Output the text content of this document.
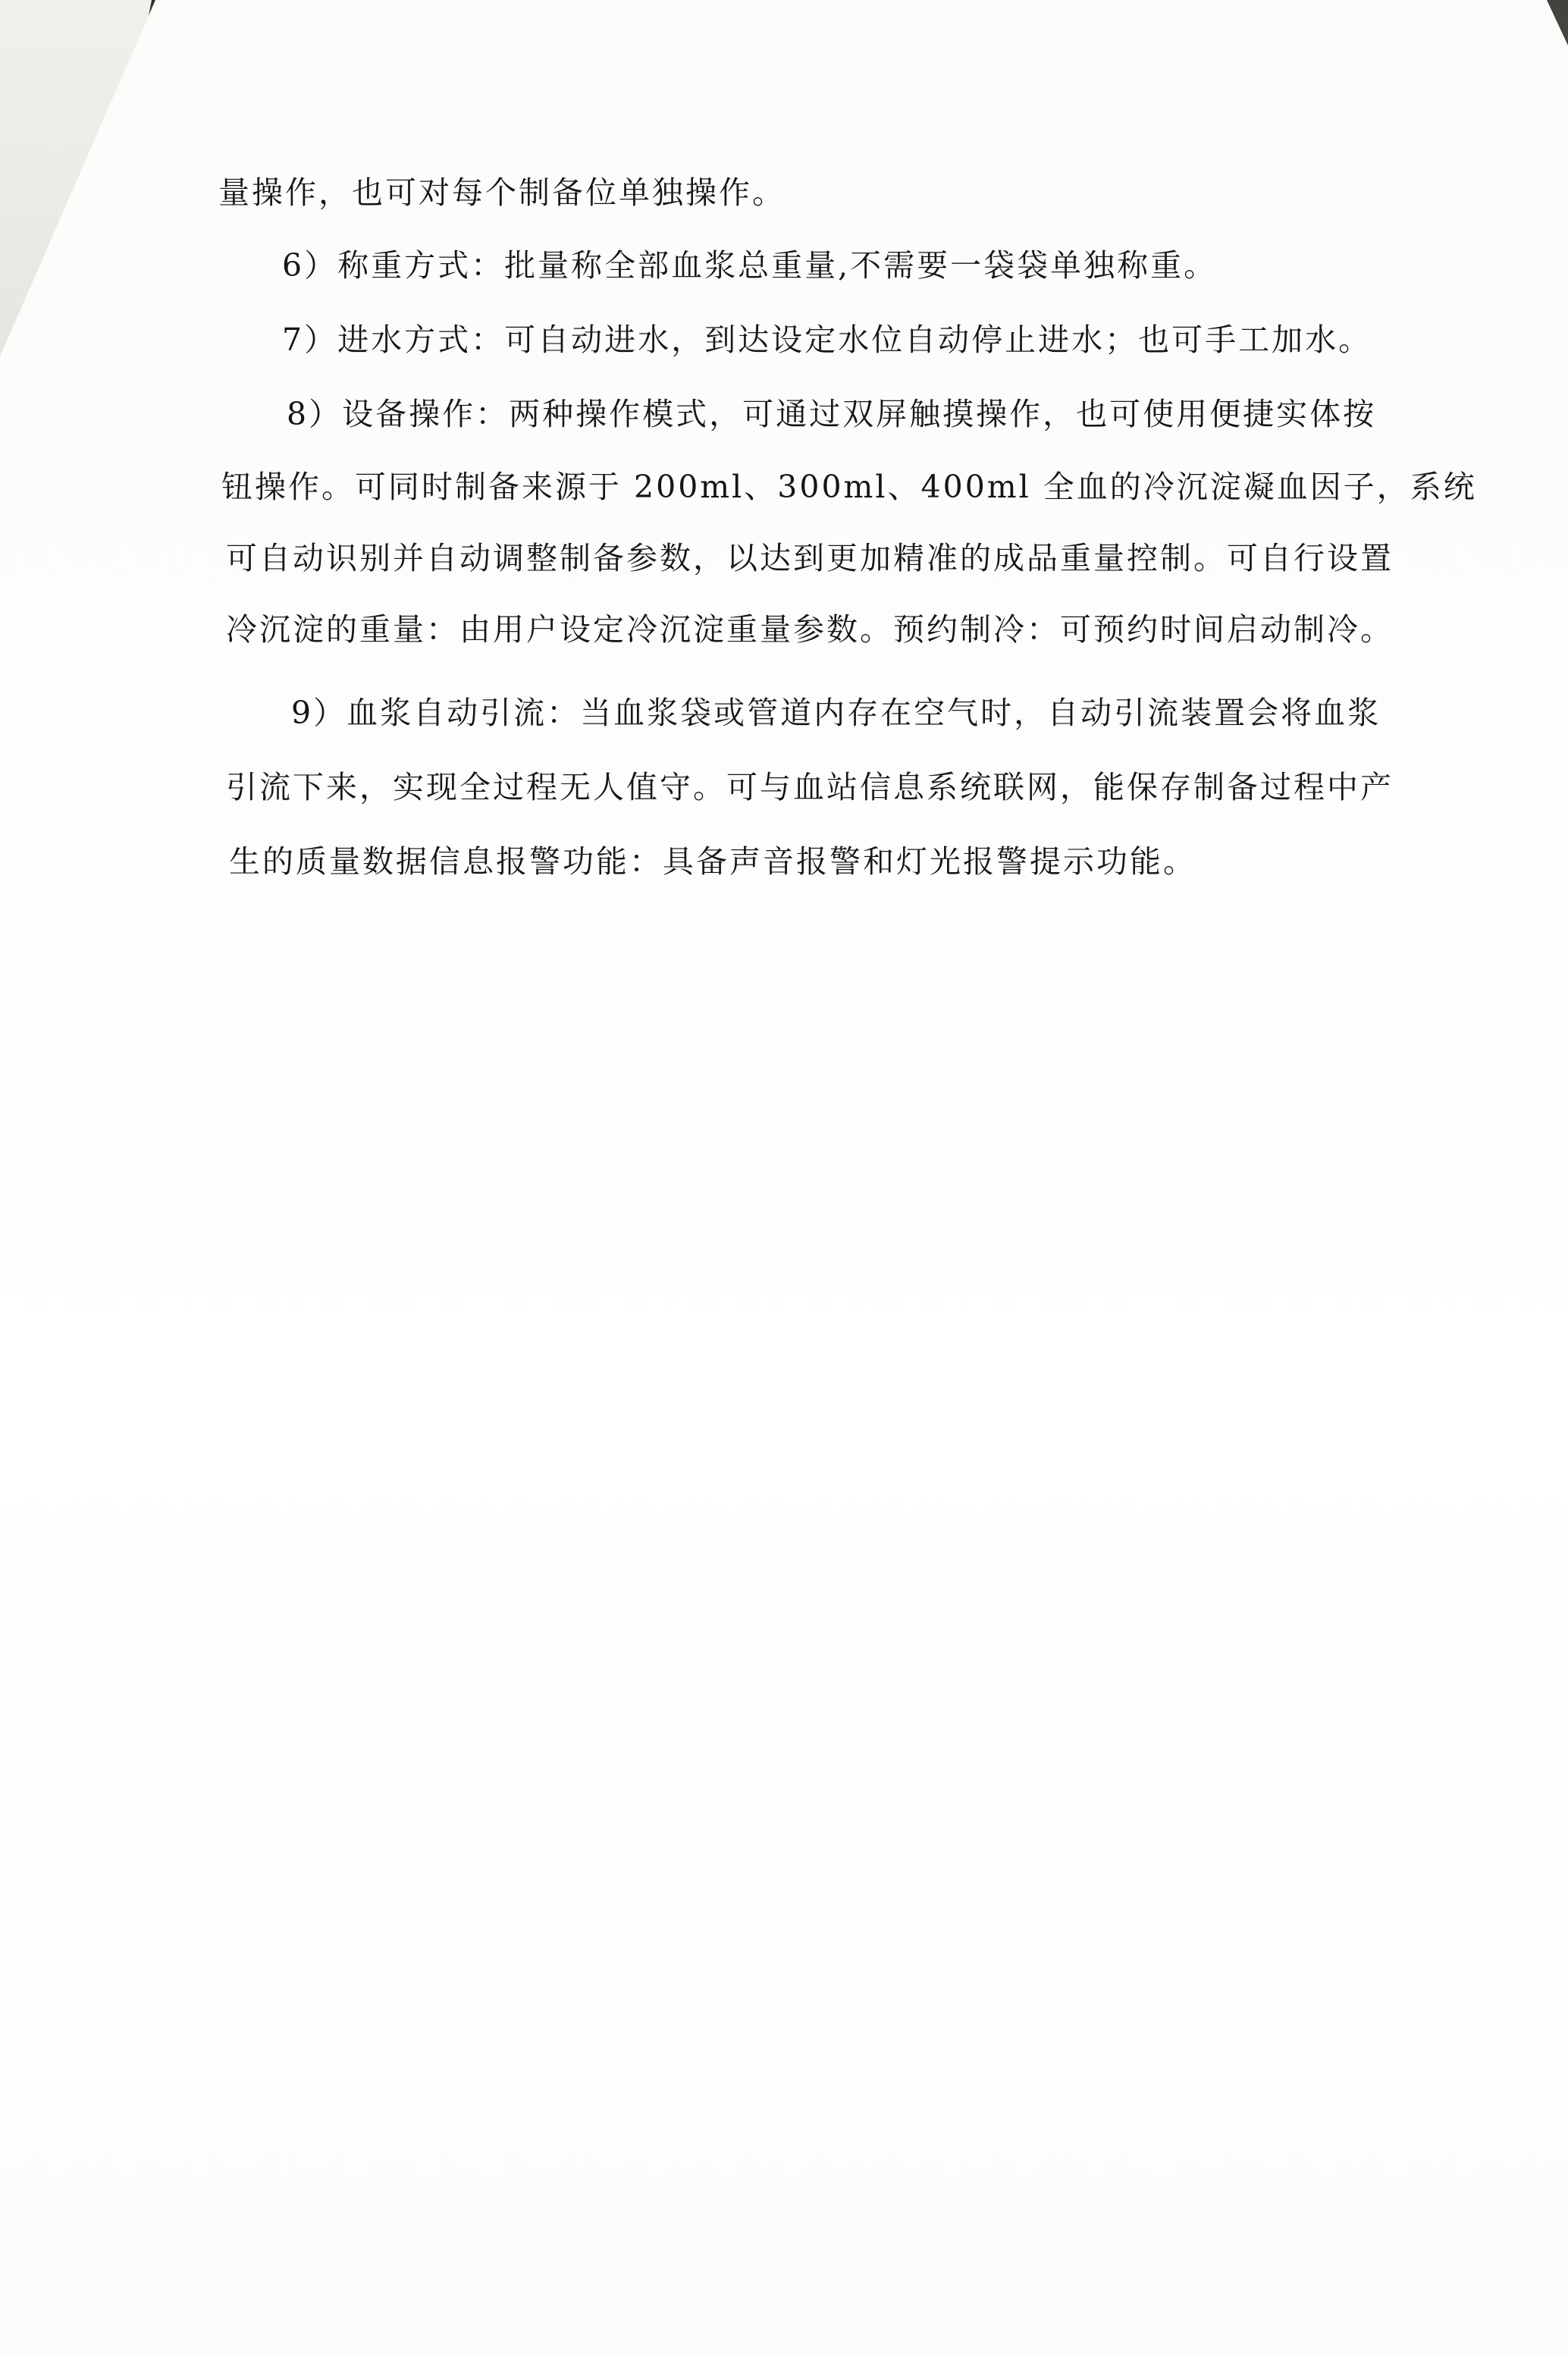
量操作，也可对每个制备位单独操作。
6）称重方式：批量称全部血浆总重量,不需要一袋袋单独称重。
7）进水方式：可自动进水，到达设定水位自动停止进水；也可手工加水。
8）设备操作：两种操作模式，可通过双屏触摸操作，也可使用便捷实体按
钮操作。可同时制备来源于 200ml、300ml、400ml 全血的冷沉淀凝血因子，系统
可自动识别并自动调整制备参数，以达到更加精准的成品重量控制。可自行设置
冷沉淀的重量：由用户设定冷沉淀重量参数。预约制冷：可预约时间启动制冷。
9）血浆自动引流：当血浆袋或管道内存在空气时，自动引流装置会将血浆
引流下来，实现全过程无人值守。可与血站信息系统联网，能保存制备过程中产
生的质量数据信息报警功能：具备声音报警和灯光报警提示功能。
